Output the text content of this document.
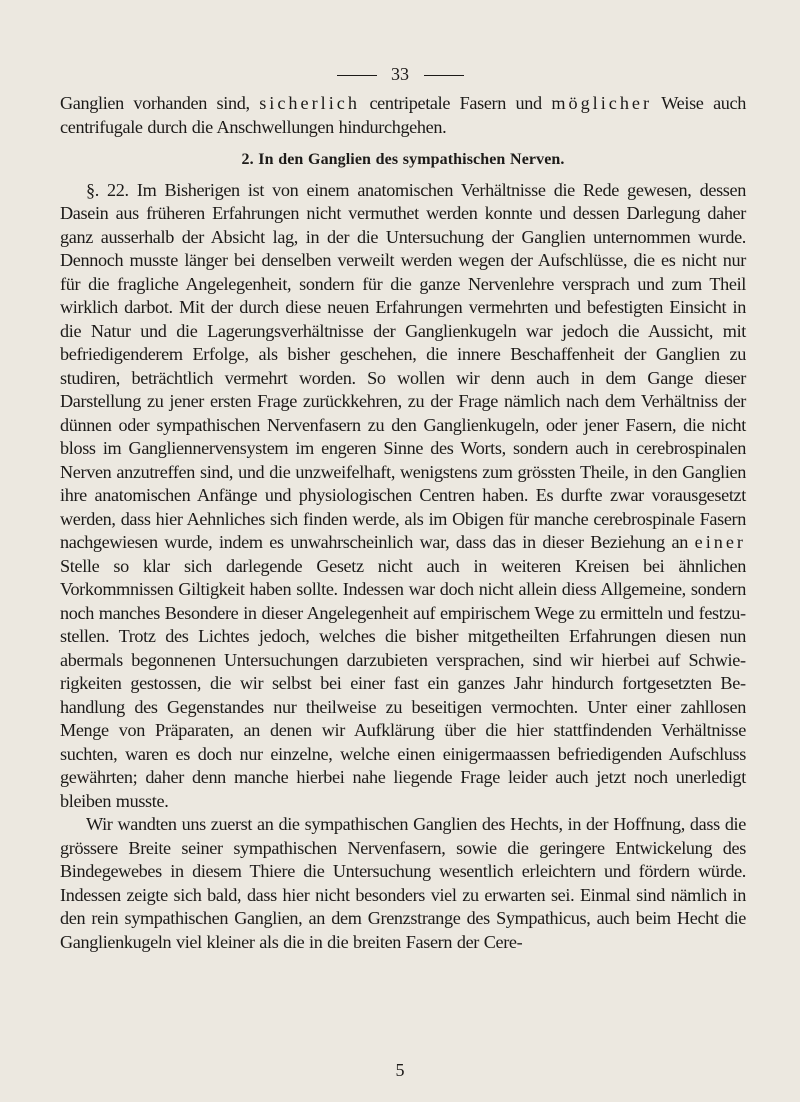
33

Ganglien vorhanden sind, sicherlich centripetale Fasern und möglicher Weise auch centrifugale durch die Anschwellungen hindurchgehen.

2. In den Ganglien des sympathischen Nerven.

§. 22. Im Bisherigen ist von einem anatomischen Verhältnisse die Rede gewesen, dessen Dasein aus früheren Erfahrungen nicht vermuthet werden konnte und dessen Darlegung daher ganz ausserhalb der Absicht lag, in der die Untersuchung der Ganglien unternommen wurde. Dennoch musste länger bei denselben verweilt werden wegen der Aufschlüsse, die es nicht nur für die fragliche Angelegenheit, sondern für die ganze Nervenlehre versprach und zum Theil wirklich darbot. Mit der durch diese neuen Erfahrungen vermehrten und befestigten Einsicht in die Natur und die Lagerungsverhältnisse der Ganglienkugeln war jedoch die Aussicht, mit befriedigenderem Erfolge, als bisher geschehen, die innere Beschaffenheit der Ganglien zu studiren, beträchtlich vermehrt worden. So wollen wir denn auch in dem Gange dieser Darstellung zu jener ersten Frage zurückkehren, zu der Frage nämlich nach dem Verhältniss der dünnen oder sympathischen Nervenfasern zu den Ganglienkugeln, oder jener Fasern, die nicht bloss im Gangliennervensystem im engeren Sinne des Worts, sondern auch in cerebrospinalen Nerven anzutreffen sind, und die unzweifelhaft, wenigstens zum grössten Theile, in den Ganglien ihre anatomischen Anfänge und physiologischen Centren haben. Es durfte zwar vorausgesetzt werden, dass hier Aehnliches sich finden werde, als im Obigen für manche cerebrospinale Fasern nachgewiesen wurde, indem es unwahrscheinlich war, dass das in dieser Beziehung an einer Stelle so klar sich darlegende Gesetz nicht auch in weiteren Kreisen bei ähnlichen Vorkommnissen Giltigkeit haben sollte. Indessen war doch nicht allein diess Allgemeine, sondern noch manches Besondere in dieser Angelegenheit auf empirischem Wege zu ermitteln und festzustellen. Trotz des Lichtes jedoch, welches die bisher mitgetheilten Erfahrungen diesen nun abermals begonnenen Untersuchungen darzubieten versprachen, sind wir hierbei auf Schwierigkeiten gestossen, die wir selbst bei einer fast ein ganzes Jahr hindurch fortgesetzten Behandlung des Gegenstandes nur theilweise zu beseitigen vermochten. Unter einer zahllosen Menge von Präparaten, an denen wir Aufklärung über die hier stattfindenden Verhältnisse suchten, waren es doch nur einzelne, welche einen einigermaassen befriedigenden Aufschluss gewährten; daher denn manche hierbei nahe liegende Frage leider auch jetzt noch unerledigt bleiben musste.

Wir wandten uns zuerst an die sympathischen Ganglien des Hechts, in der Hoffnung, dass die grössere Breite seiner sympathischen Nervenfasern, sowie die geringere Entwickelung des Bindegewebes in diesem Thiere die Untersuchung wesentlich erleichtern und fördern würde. Indessen zeigte sich bald, dass hier nicht besonders viel zu erwarten sei. Einmal sind nämlich in den rein sympathischen Ganglien, an dem Grenzstrange des Sympathicus, auch beim Hecht die Ganglienkugeln viel kleiner als die in die breiten Fasern der Cere-

5
